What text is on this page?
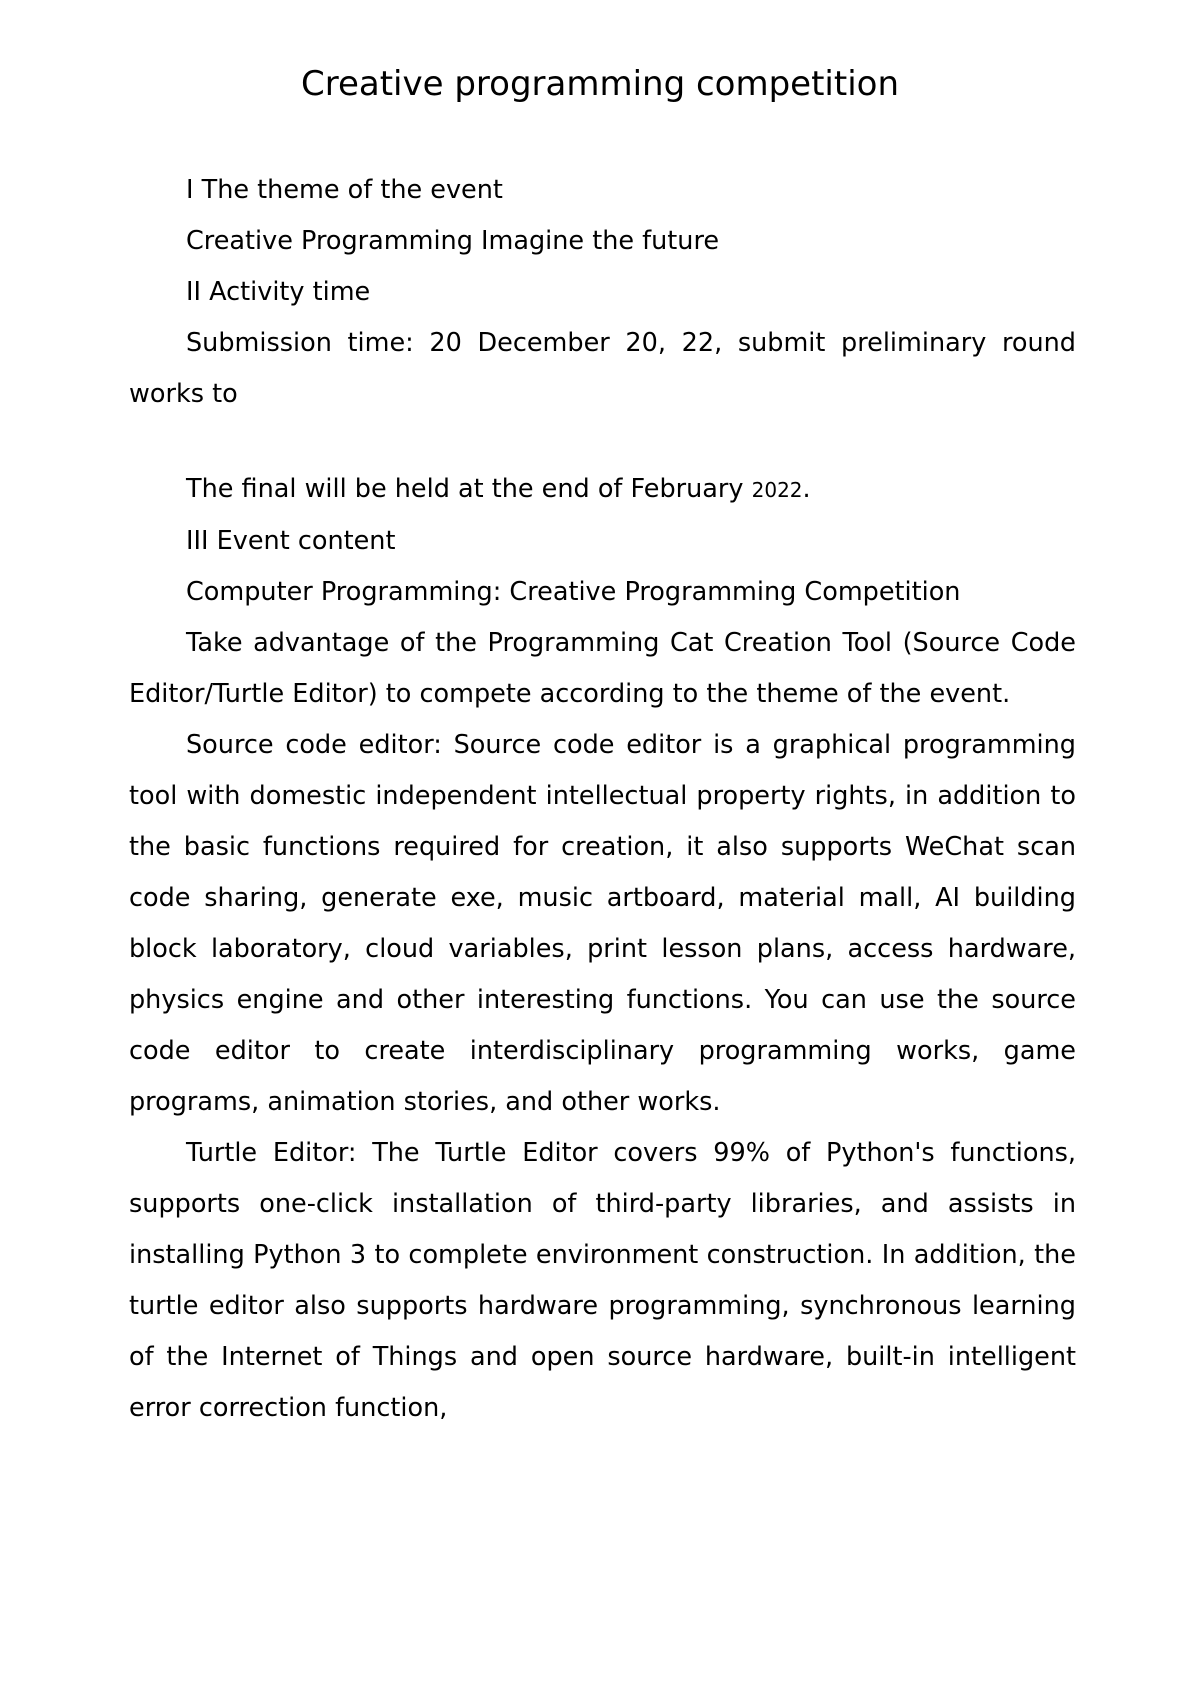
Creative programming competition

I The theme of the event

Creative Programming Imagine the future

II Activity time

Submission time: 20 December 20, 22, submit preliminary round works to

The final will be held at the end of February 2022.

III Event content

Computer Programming: Creative Programming Competition

Take advantage of the Programming Cat Creation Tool (Source Code Editor/Turtle Editor) to compete according to the theme of the event.

Source code editor: Source code editor is a graphical programming tool with domestic independent intellectual property rights, in addition to the basic functions required for creation, it also supports WeChat scan code sharing, generate exe, music artboard, material mall, AI building block laboratory, cloud variables, print lesson plans, access hardware, physics engine and other interesting functions. You can use the source code editor to create interdisciplinary programming works, game programs, animation stories, and other works.

Turtle Editor: The Turtle Editor covers 99% of Python's functions, supports one-click installation of third-party libraries, and assists in installing Python 3 to complete environment construction. In addition, the turtle editor also supports hardware programming, synchronous learning of the Internet of Things and open source hardware, built-in intelligent error correction function,
